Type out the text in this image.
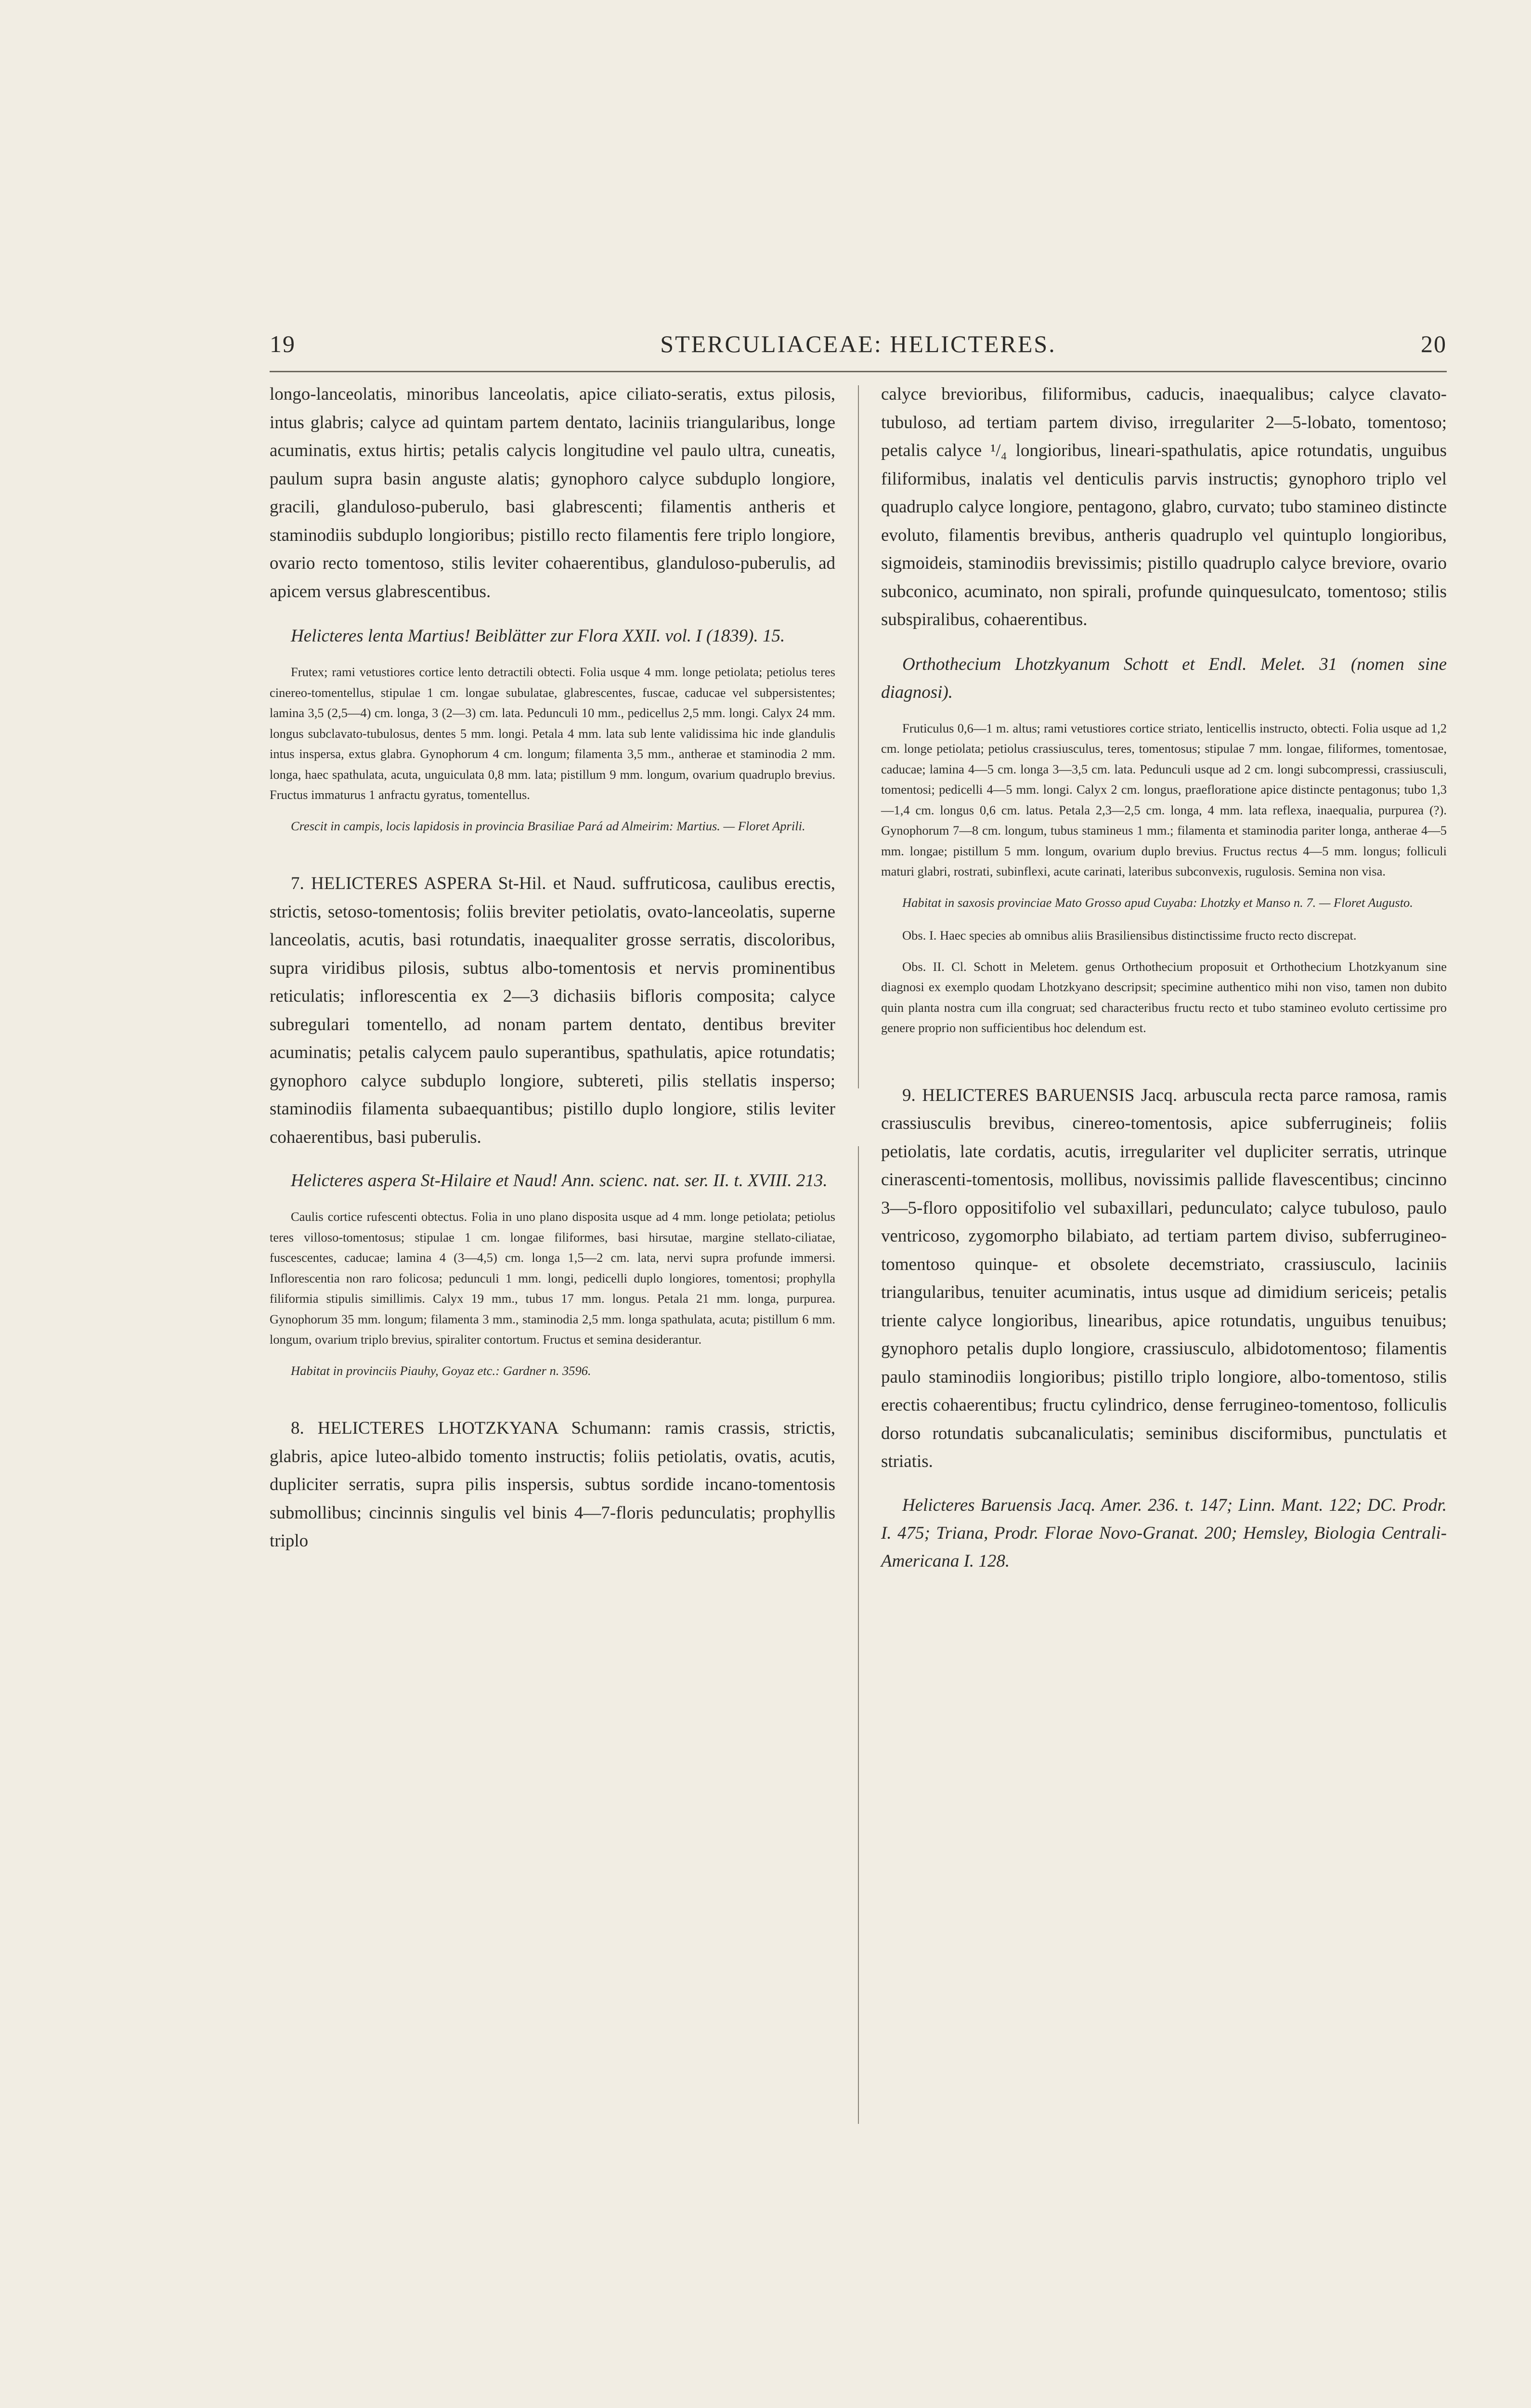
19	STERCULIACEAE: HELICTERES.	20

longo-lanceolatis, minoribus lanceolatis, apice ciliato-seratis, extus pilosis, intus glabris; calyce ad quintam partem dentato, laciniis triangularibus, longe acuminatis, extus hirtis; petalis calycis longitudine vel paulo ultra, cuneatis, paulum supra basin anguste alatis; gynophoro calyce subduplo longiore, gracili, glanduloso-puberulo, basi glabrescenti; filamentis antheris et staminodiis subduplo longioribus; pistillo recto filamentis fere triplo longiore, ovario recto tomentoso, stilis leviter cohaerentibus, glanduloso-puberulis, ad apicem versus glabrescentibus.

Helicteres lenta Martius! Beiblätter zur Flora XXII. vol. I (1839). 15.

Frutex; rami vetustiores cortice lento detractili obtecti. Folia usque 4 mm. longe petiolata; petiolus teres cinereo-tomentellus, stipulae 1 cm. longae subulatae, glabrescentes, fuscae, caducae vel subpersistentes; lamina 3,5 (2,5—4) cm. longa, 3 (2—3) cm. lata. Pedunculi 10 mm., pedicellus 2,5 mm. longi. Calyx 24 mm. longus subclavato-tubulosus, dentes 5 mm. longi. Petala 4 mm. lata sub lente validissima hic inde glandulis intus inspersa, extus glabra. Gynophorum 4 cm. longum; filamenta 3,5 mm., antherae et staminodia 2 mm. longa, haec spathulata, acuta, unguiculata 0,8 mm. lata; pistillum 9 mm. longum, ovarium quadruplo brevius. Fructus immaturus 1 anfractu gyratus, tomentellus.

Crescit in campis, locis lapidosis in provincia Brasiliae Pará ad Almeirim: Martius. — Floret Aprili.

7. HELICTERES ASPERA St-Hil. et Naud. suffruticosa, caulibus erectis, strictis, setoso-tomentosis; foliis breviter petiolatis, ovato-lanceolatis, superne lanceolatis, acutis, basi rotundatis, inaequaliter grosse serratis, discoloribus, supra viridibus pilosis, subtus albo-tomentosis et nervis prominentibus reticulatis; inflorescentia ex 2—3 dichasiis bifloris composita; calyce subregulari tomentello, ad nonam partem dentato, dentibus breviter acuminatis; petalis calycem paulo superantibus, spathulatis, apice rotundatis; gynophoro calyce subduplo longiore, subtereti, pilis stellatis insperso; staminodiis filamenta subaequantibus; pistillo duplo longiore, stilis leviter cohaerentibus, basi puberulis.

Helicteres aspera St-Hilaire et Naud! Ann. scienc. nat. ser. II. t. XVIII. 213.

Caulis cortice rufescenti obtectus. Folia in uno plano disposita usque ad 4 mm. longe petiolata; petiolus teres villoso-tomentosus; stipulae 1 cm. longae filiformes, basi hirsutae, margine stellato-ciliatae, fuscescentes, caducae; lamina 4 (3—4,5) cm. longa 1,5—2 cm. lata, nervi supra profunde immersi. Inflorescentia non raro folicosa; pedunculi 1 mm. longi, pedicelli duplo longiores, tomentosi; prophylla filiformia stipulis simillimis. Calyx 19 mm., tubus 17 mm. longus. Petala 21 mm. longa, purpurea. Gynophorum 35 mm. longum; filamenta 3 mm., staminodia 2,5 mm. longa spathulata, acuta; pistillum 6 mm. longum, ovarium triplo brevius, spiraliter contortum. Fructus et semina desiderantur.

Habitat in provinciis Piauhy, Goyaz etc.: Gardner n. 3596.

8. HELICTERES LHOTZKYANA Schumann: ramis crassis, strictis, glabris, apice luteo-albido tomento instructis; foliis petiolatis, ovatis, acutis, dupliciter serratis, supra pilis inspersis, subtus sordide incano-tomentosis submollibus; cincinnis singulis vel binis 4—7-floris pedunculatis; prophyllis triplo

calyce brevioribus, filiformibus, caducis, inaequalibus; calyce clavato-tubuloso, ad tertiam partem diviso, irregulariter 2—5-lobato, tomentoso; petalis calyce ¹/₄ longioribus, lineari-spathulatis, apice rotundatis, unguibus filiformibus, inalatis vel denticulis parvis instructis; gynophoro triplo vel quadruplo calyce longiore, pentagono, glabro, curvato; tubo stamineo distincte evoluto, filamentis brevibus, antheris quadruplo vel quintuplo longioribus, sigmoideis, staminodiis brevissimis; pistillo quadruplo calyce breviore, ovario subconico, acuminato, non spirali, profunde quinquesulcato, tomentoso; stilis subspiralibus, cohaerentibus.

Orthothecium Lhotzkyanum Schott et Endl. Melet. 31 (nomen sine diagnosi).

Fruticulus 0,6—1 m. altus; rami vetustiores cortice striato, lenticellis instructo, obtecti. Folia usque ad 1,2 cm. longe petiolata; petiolus crassiusculus, teres, tomentosus; stipulae 7 mm. longae, filiformes, tomentosae, caducae; lamina 4—5 cm. longa 3—3,5 cm. lata. Pedunculi usque ad 2 cm. longi subcompressi, crassiusculi, tomentosi; pedicelli 4—5 mm. longi. Calyx 2 cm. longus, praefloratione apice distincte pentagonus; tubo 1,3—1,4 cm. longus 0,6 cm. latus. Petala 2,3—2,5 cm. longa, 4 mm. lata reflexa, inaequalia, purpurea (?). Gynophorum 7—8 cm. longum, tubus stamineus 1 mm.; filamenta et staminodia pariter longa, antherae 4—5 mm. longae; pistillum 5 mm. longum, ovarium duplo brevius. Fructus rectus 4—5 mm. longus; folliculi maturi glabri, rostrati, subinflexi, acute carinati, lateribus subconvexis, rugulosis. Semina non visa.

Habitat in saxosis provinciae Mato Grosso apud Cuyaba: Lhotzky et Manso n. 7. — Floret Augusto.

Obs. I. Haec species ab omnibus aliis Brasiliensibus distinctissime fructo recto discrepat.

Obs. II. Cl. Schott in Meletem. genus Orthothecium proposuit et Orthothecium Lhotzkyanum sine diagnosi ex exemplo quodam Lhotzkyano descripsit; specimine authentico mihi non viso, tamen non dubito quin planta nostra cum illa congruat; sed characteribus fructu recto et tubo stamineo evoluto certissime pro genere proprio non sufficientibus hoc delendum est.

9. HELICTERES BARUENSIS Jacq. arbuscula recta parce ramosa, ramis crassiusculis brevibus, cinereo-tomentosis, apice subferrugineis; foliis petiolatis, late cordatis, acutis, irregulariter vel dupliciter serratis, utrinque cinerascenti-tomentosis, mollibus, novissimis pallide flavescentibus; cincinno 3—5-floro oppositifolio vel subaxillari, pedunculato; calyce tubuloso, paulo ventricoso, zygomorpho bilabiato, ad tertiam partem diviso, subferrugineo-tomentoso quinque- et obsolete decemstriato, crassiusculo, laciniis triangularibus, tenuiter acuminatis, intus usque ad dimidium sericeis; petalis triente calyce longioribus, linearibus, apice rotundatis, unguibus tenuibus; gynophoro petalis duplo longiore, crassiusculo, albidotomentoso; filamentis paulo staminodiis longioribus; pistillo triplo longiore, albo-tomentoso, stilis erectis cohaerentibus; fructu cylindrico, dense ferrugineo-tomentoso, folliculis dorso rotundatis subcanaliculatis; seminibus disciformibus, punctulatis et striatis.

Helicteres Baruensis Jacq. Amer. 236. t. 147; Linn. Mant. 122; DC. Prodr. I. 475; Triana, Prodr. Florae Novo-Granat. 200; Hemsley, Biologia Centrali-Americana I. 128.
